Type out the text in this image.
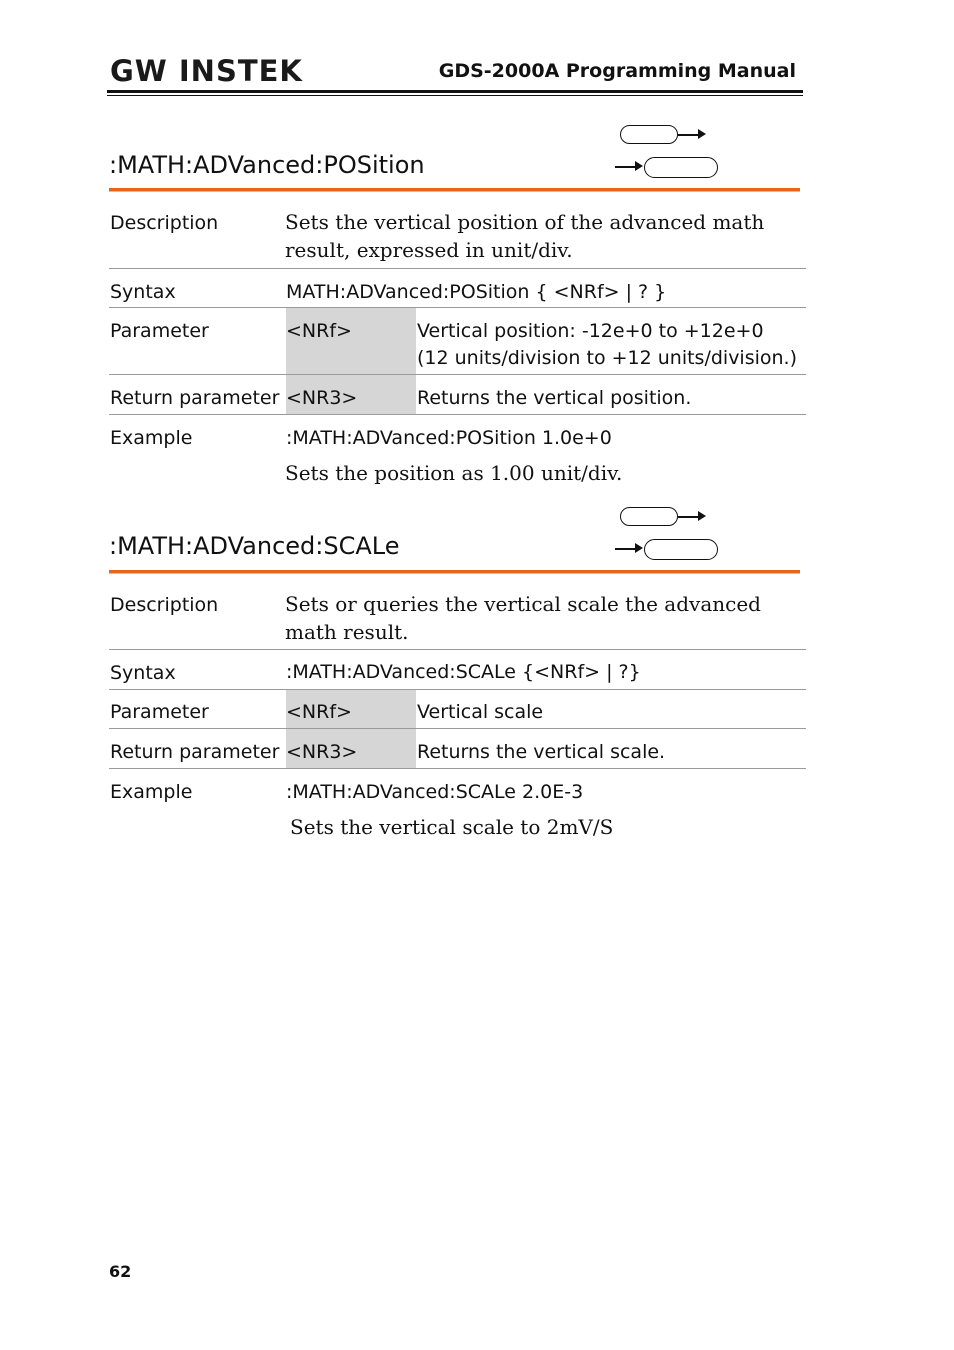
GW INSTEK	GDS-2000A Programming Manual
:MATH:ADVanced:POSition
Description	Sets the vertical position of the advanced math
result, expressed in unit/div.
Syntax	MATH:ADVanced:POSition { <NRf> | ? }
Parameter	<NRf>	Vertical position: -12e+0 to +12e+0
(12 units/division to +12 units/division.)
Return parameter <NR3>	Returns the vertical position.
Example	:MATH:ADVanced:POSition 1.0e+0
Sets the position as 1.00 unit/div.
:MATH:ADVanced:SCALe
Description	Sets or queries the vertical scale the advanced
math result.
Syntax	:MATH:ADVanced:SCALe {<NRf> | ?}
Parameter	<NRf>	Vertical scale
Return parameter <NR3>	Returns the vertical scale.
Example	:MATH:ADVanced:SCALe 2.0E-3
Sets the vertical scale to 2mV/S
62
